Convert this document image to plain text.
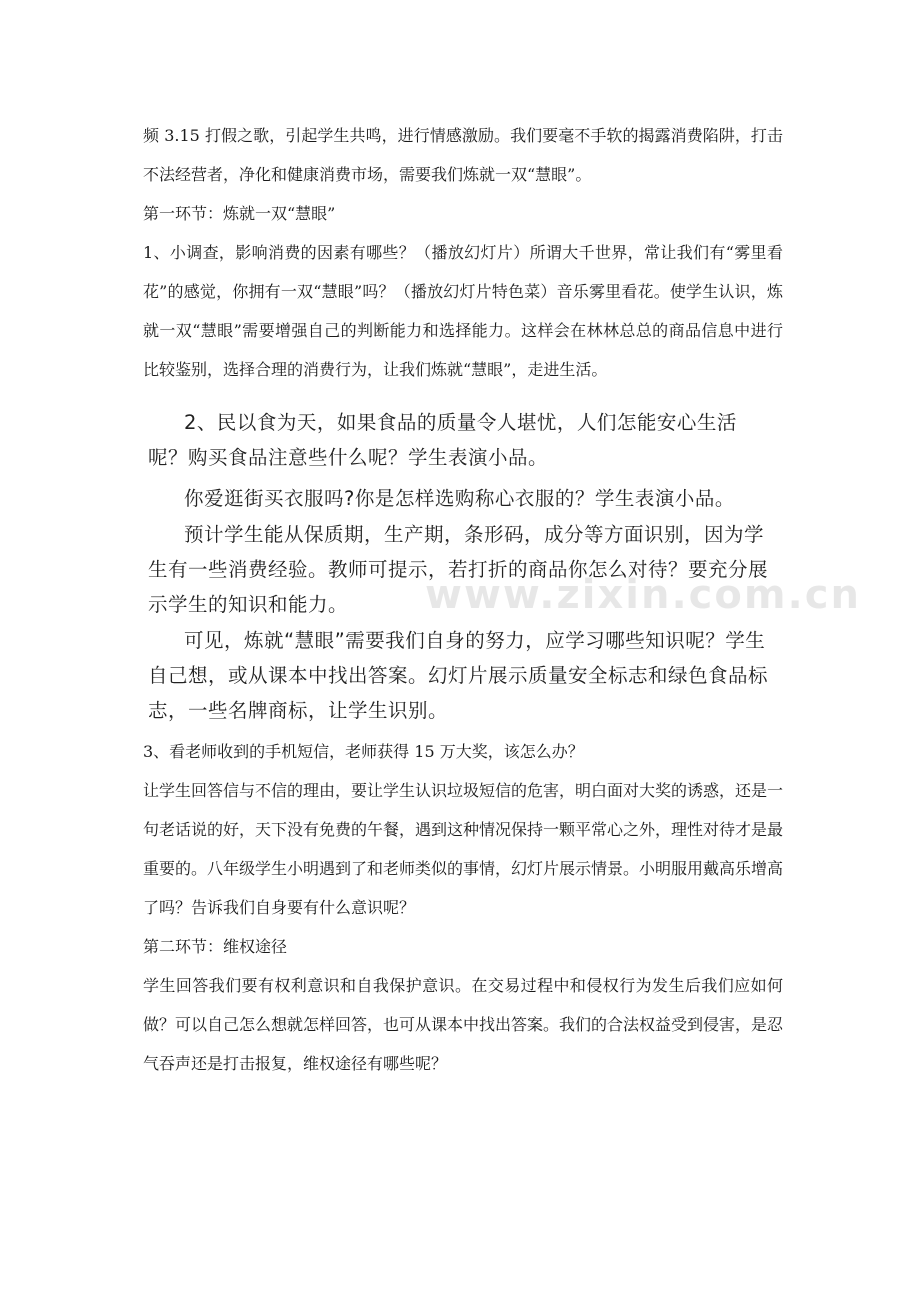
频 3.15 打假之歌，引起学生共鸣，进行情感激励。我们要毫不手软的揭露消费陷阱，打击不法经营者，净化和健康消费市场，需要我们炼就一双“慧眼”。

第一环节：炼就一双“慧眼”

1、小调查，影响消费的因素有哪些？（播放幻灯片）所谓大千世界，常让我们有“雾里看花”的感觉，你拥有一双“慧眼”吗？（播放幻灯片特色菜）音乐雾里看花。使学生认识，炼就一双“慧眼”需要增强自己的判断能力和选择能力。这样会在林林总总的商品信息中进行比较鉴别，选择合理的消费行为，让我们炼就“慧眼”，走进生活。

2、民以食为天，如果食品的质量令人堪忧，人们怎能安心生活呢？购买食品注意些什么呢？学生表演小品。

你爱逛街买衣服吗?你是怎样选购称心衣服的？学生表演小品。

预计学生能从保质期，生产期，条形码，成分等方面识别，因为学生有一些消费经验。教师可提示，若打折的商品你怎么对待？要充分展示学生的知识和能力。

可见，炼就“慧眼”需要我们自身的努力，应学习哪些知识呢？学生自己想，或从课本中找出答案。幻灯片展示质量安全标志和绿色食品标志，一些名牌商标，让学生识别。

3、看老师收到的手机短信，老师获得 15 万大奖，该怎么办？

让学生回答信与不信的理由，要让学生认识垃圾短信的危害，明白面对大奖的诱惑，还是一句老话说的好，天下没有免费的午餐，遇到这种情况保持一颗平常心之外，理性对待才是最重要的。八年级学生小明遇到了和老师类似的事情，幻灯片展示情景。小明服用戴高乐增高了吗？告诉我们自身要有什么意识呢？

第二环节：维权途径

学生回答我们要有权利意识和自我保护意识。在交易过程中和侵权行为发生后我们应如何做？可以自己怎么想就怎样回答，也可从课本中找出答案。我们的合法权益受到侵害，是忍气吞声还是打击报复，维权途径有哪些呢？

www.zixin.com.cn
